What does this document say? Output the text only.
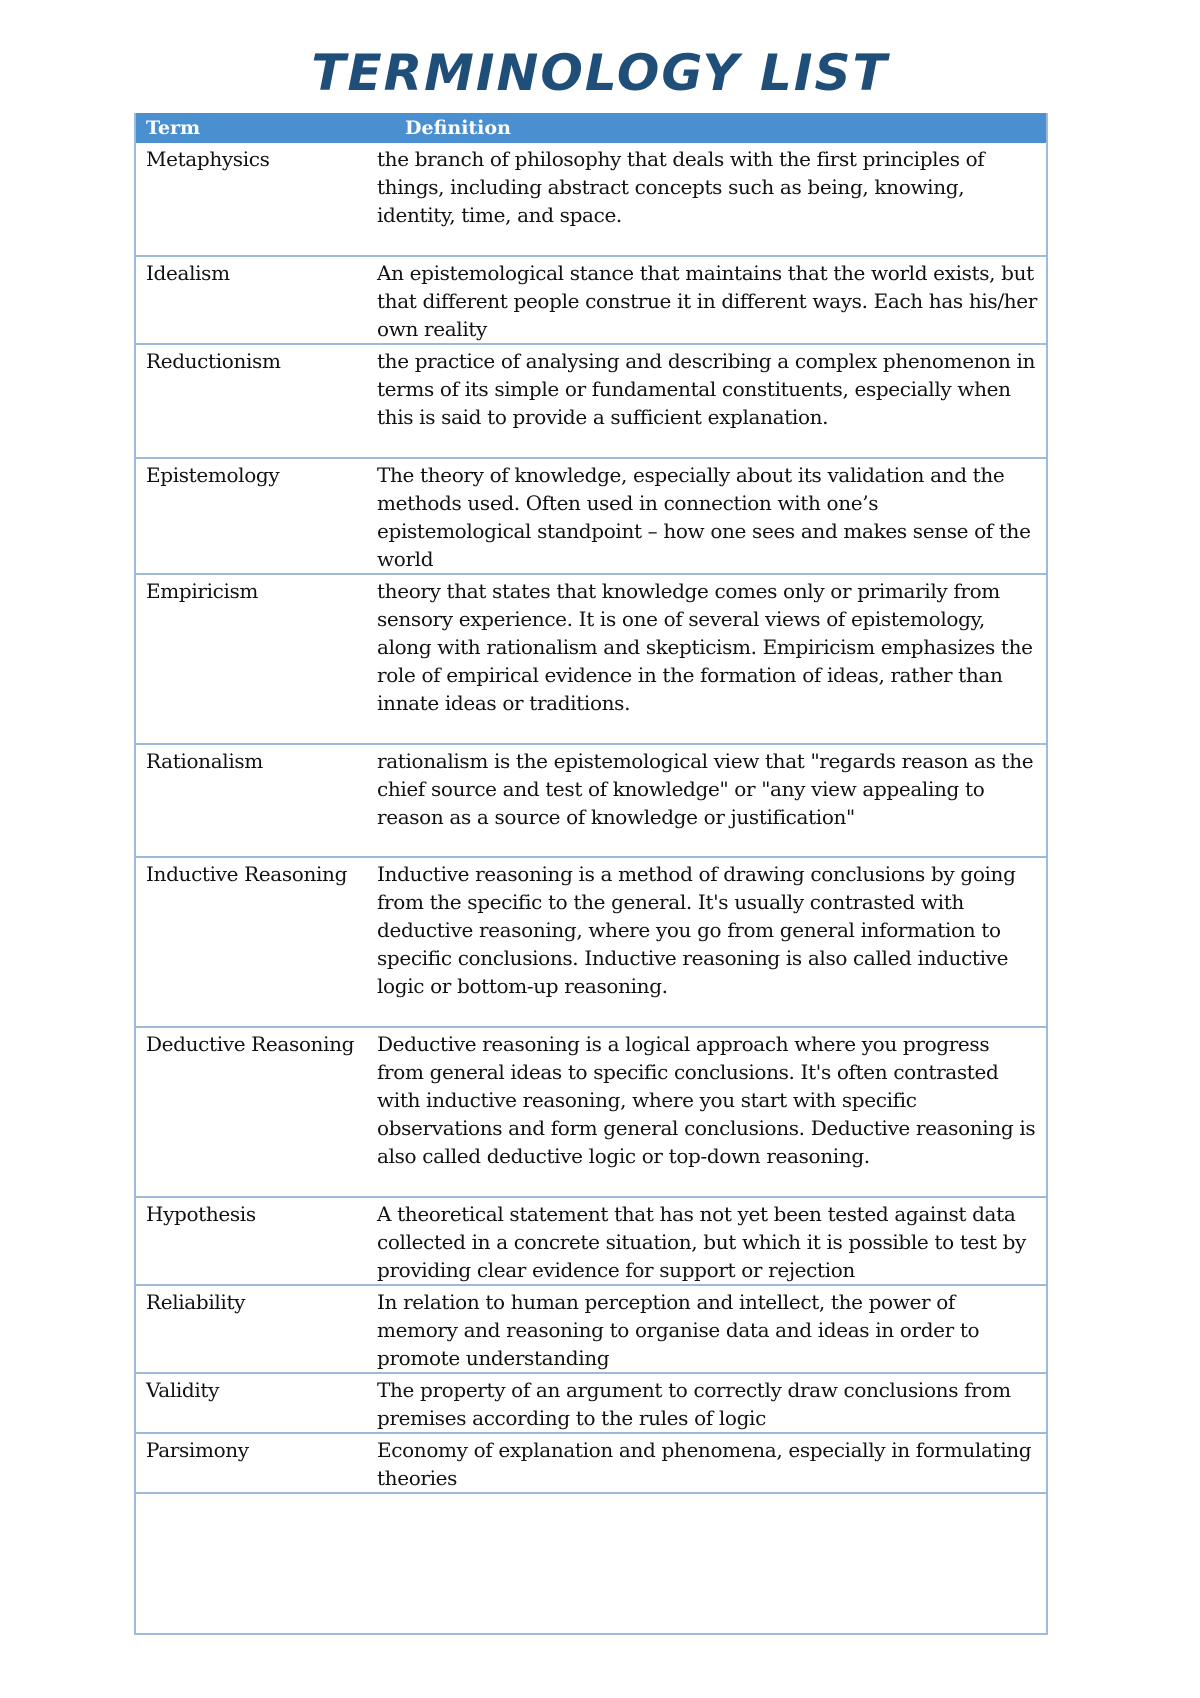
TERMINOLOGY LIST
Term	Definition
Metaphysics	the branch of philosophy that deals with the first principles of things, including abstract concepts such as being, knowing, identity, time, and space.
Idealism	An epistemological stance that maintains that the world exists, but that different people construe it in different ways. Each has his/her own reality
Reductionism	the practice of analysing and describing a complex phenomenon in terms of its simple or fundamental constituents, especially when this is said to provide a sufficient explanation.
Epistemology	The theory of knowledge, especially about its validation and the methods used. Often used in connection with one’s epistemological standpoint – how one sees and makes sense of the world
Empiricism	theory that states that knowledge comes only or primarily from sensory experience. It is one of several views of epistemology, along with rationalism and skepticism. Empiricism emphasizes the role of empirical evidence in the formation of ideas, rather than innate ideas or traditions.
Rationalism	rationalism is the epistemological view that "regards reason as the chief source and test of knowledge" or "any view appealing to reason as a source of knowledge or justification"
Inductive Reasoning	Inductive reasoning is a method of drawing conclusions by going from the specific to the general. It's usually contrasted with deductive reasoning, where you go from general information to specific conclusions. Inductive reasoning is also called inductive logic or bottom-up reasoning.
Deductive Reasoning	Deductive reasoning is a logical approach where you progress from general ideas to specific conclusions. It's often contrasted with inductive reasoning, where you start with specific observations and form general conclusions. Deductive reasoning is also called deductive logic or top-down reasoning.
Hypothesis	A theoretical statement that has not yet been tested against data collected in a concrete situation, but which it is possible to test by providing clear evidence for support or rejection
Reliability	In relation to human perception and intellect, the power of memory and reasoning to organise data and ideas in order to promote understanding
Validity	The property of an argument to correctly draw conclusions from premises according to the rules of logic
Parsimony	Economy of explanation and phenomena, especially in formulating theories
